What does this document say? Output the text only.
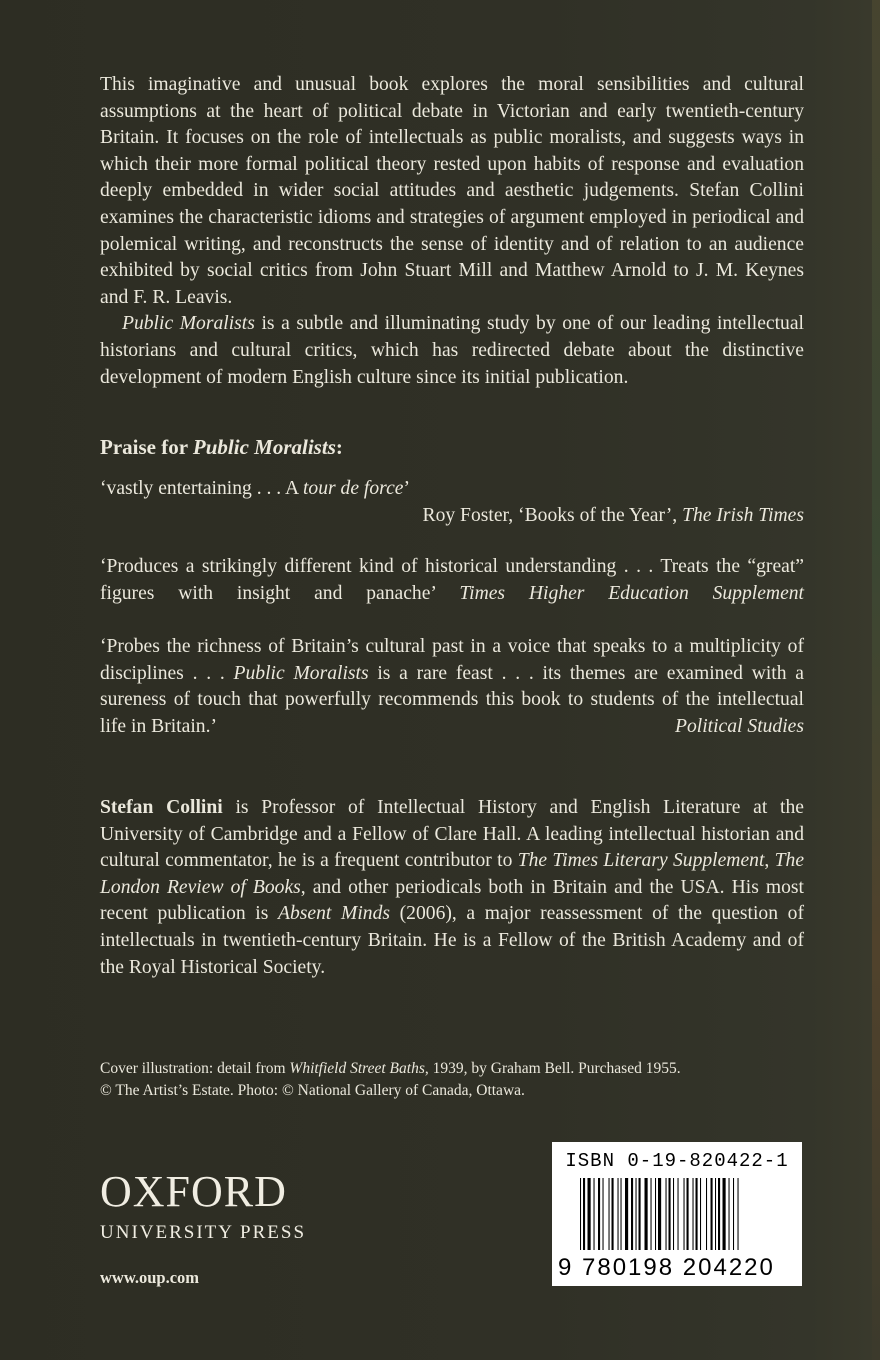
This imaginative and unusual book explores the moral sensibilities and cultural assumptions at the heart of political debate in Victorian and early twentieth-century Britain. It focuses on the role of intellectuals as public moralists, and suggests ways in which their more formal political theory rested upon habits of response and evaluation deeply embedded in wider social attitudes and aesthetic judgements. Stefan Collini examines the characteristic idioms and strategies of argument employed in periodical and polemical writing, and reconstructs the sense of identity and of relation to an audience exhibited by social critics from John Stuart Mill and Matthew Arnold to J. M. Keynes and F. R. Leavis.
Public Moralists is a subtle and illuminating study by one of our leading intellectual historians and cultural critics, which has redirected debate about the distinctive development of modern English culture since its initial publication.
Praise for Public Moralists:
‘vastly entertaining . . . A tour de force’
Roy Foster, ‘Books of the Year’, The Irish Times
‘Produces a strikingly different kind of historical understanding . . . Treats the “great” figures with insight and panache’ Times Higher Education Supplement
‘Probes the richness of Britain’s cultural past in a voice that speaks to a multiplicity of disciplines . . . Public Moralists is a rare feast . . . its themes are examined with a sureness of touch that powerfully recommends this book to students of the intellectual life in Britain.’	Political Studies
Stefan Collini is Professor of Intellectual History and English Literature at the University of Cambridge and a Fellow of Clare Hall. A leading intellectual historian and cultural commentator, he is a frequent contributor to The Times Literary Supplement, The London Review of Books, and other periodicals both in Britain and the USA. His most recent publication is Absent Minds (2006), a major reassessment of the question of intellectuals in twentieth-century Britain. He is a Fellow of the British Academy and of the Royal Historical Society.
Cover illustration: detail from Whitfield Street Baths, 1939, by Graham Bell. Purchased 1955.
© The Artist’s Estate. Photo: © National Gallery of Canada, Ottawa.
OXFORD
UNIVERSITY PRESS
www.oup.com
ISBN 0-19-820422-1
9 780198 204220
